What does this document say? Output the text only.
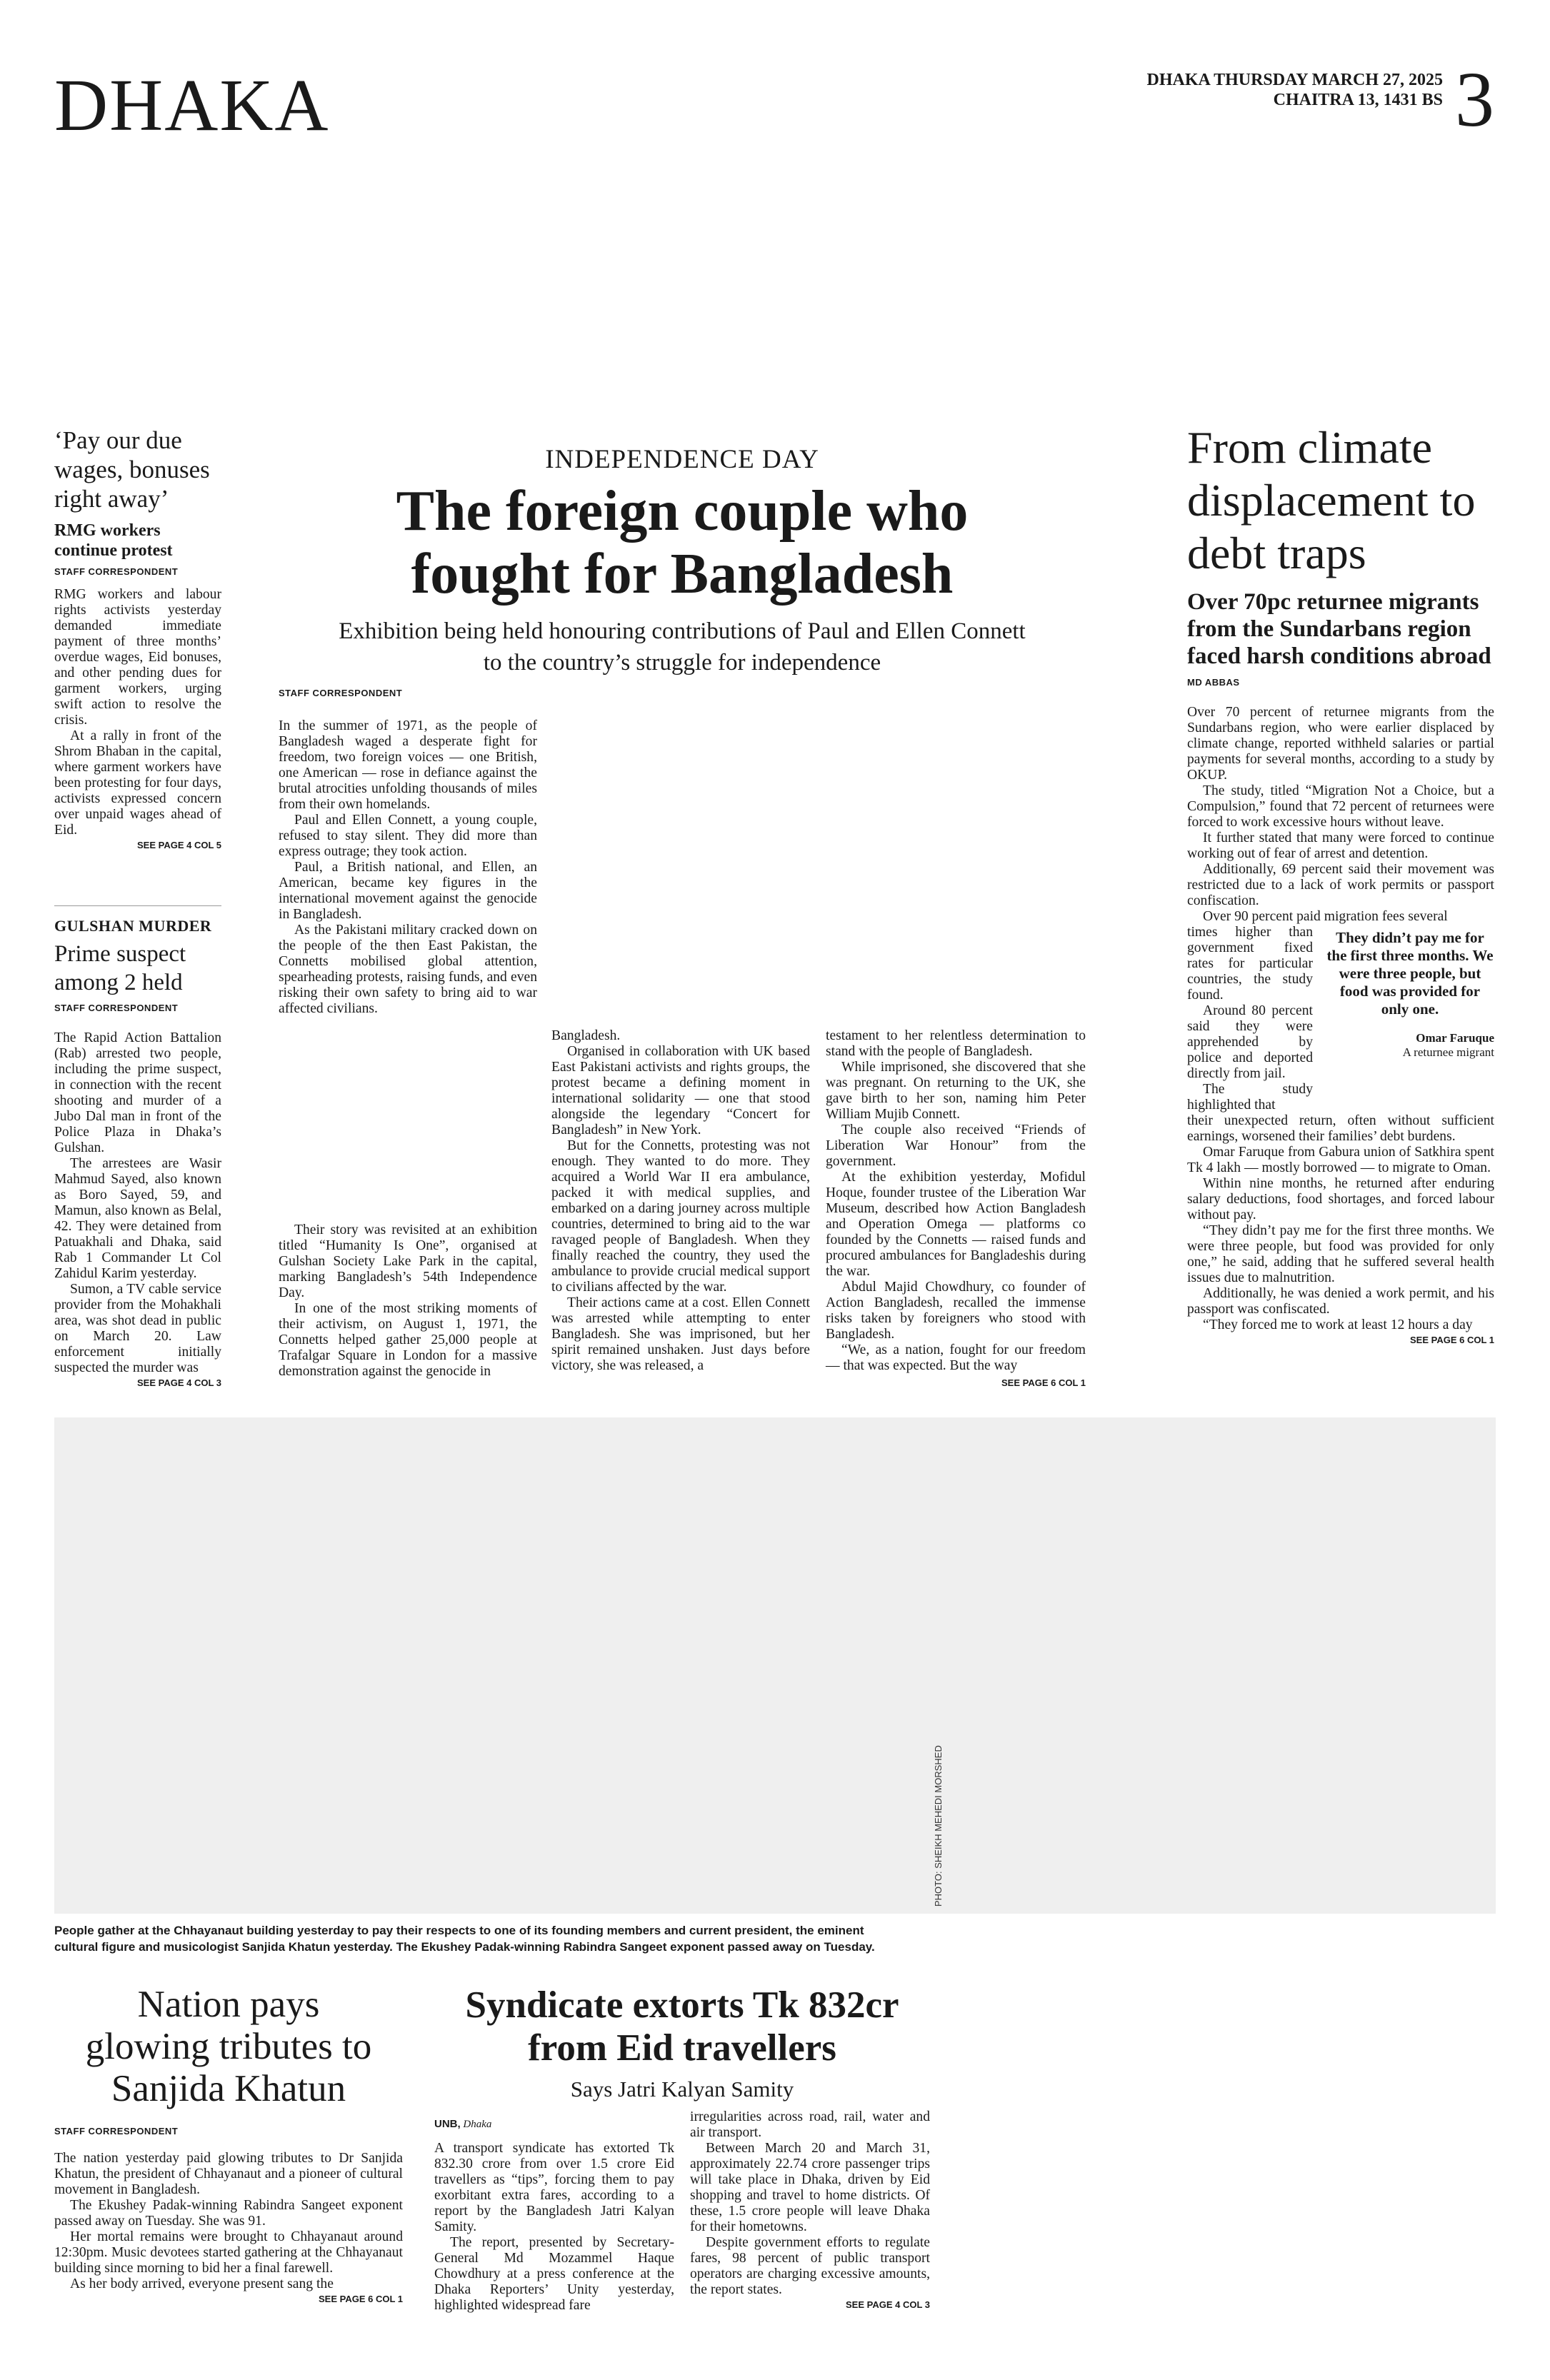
DHAKA	DHAKA THURSDAY MARCH 27, 2025
CHAITRA 13, 1431 BS 3
‘Pay our due wages, bonuses right away’
RMG workers continue protest
STAFF CORRESPONDENT

RMG workers and labour rights activists yesterday demanded immediate payment of three months’ overdue wages, Eid bonuses, and other pending dues for garment workers, urging swift action to resolve the crisis.

At a rally in front of the Shrom Bhaban in the capital, where garment workers have been protesting for four days, activists expressed concern over unpaid wages ahead of Eid.

SEE PAGE 4 COL 5
GULSHAN MURDER
Prime suspect among 2 held
STAFF CORRESPONDENT

The Rapid Action Battalion (Rab) arrested two people, including the prime suspect, in connection with the recent shooting and murder of a Jubo Dal man in front of the Police Plaza in Dhaka’s Gulshan.

The arrestees are Wasir Mahmud Sayed, also known as Boro Sayed, 59, and Mamun, also known as Belal, 42. They were detained from Patuakhali and Dhaka, said Rab 1 Commander Lt Col Zahidul Karim yesterday.

Sumon, a TV cable service provider from the Mohakhali area, was shot dead in public on March 20. Law enforcement initially suspected the murder was

SEE PAGE 4 COL 3
INDEPENDENCE DAY
The foreign couple who
fought for Bangladesh
Exhibition being held honouring contributions of Paul and Ellen Connett
to the country’s struggle for independence
STAFF CORRESPONDENT

In the summer of 1971, as the people of Bangladesh waged a desperate fight for freedom, two foreign voices — one British, one American — rose in defiance against the brutal atrocities unfolding thousands of miles from their own homelands.

Paul and Ellen Connett, a young couple, refused to stay silent. They did more than express outrage; they took action.

Paul, a British national, and Ellen, an American, became key figures in the international movement against the genocide in Bangladesh.

As the Pakistani military cracked down on the people of the then East Pakistan, the Connetts mobilised global attention, spearheading protests, raising funds, and even risking their own safety to bring aid to war affected civilians.

Their story was revisited at an exhibition titled “Humanity Is One”, organised at Gulshan Society Lake Park in the capital, marking Bangladesh’s 54th Independence Day.

In one of the most striking moments of their activism, on August 1, 1971, the Connetts helped gather 25,000 people at Trafalgar Square in London for a massive demonstration against the genocide in

Bangladesh.

Organised in collaboration with UK based East Pakistani activists and rights groups, the protest became a defining moment in international solidarity — one that stood alongside the legendary “Concert for Bangladesh” in New York.

But for the Connetts, protesting was not enough. They wanted to do more. They acquired a World War II era ambulance, packed it with medical supplies, and embarked on a daring journey across multiple countries, determined to bring aid to the war ravaged people of Bangladesh. When they finally reached the country, they used the ambulance to provide crucial medical support to civilians affected by the war.

Their actions came at a cost. Ellen Connett was arrested while attempting to enter Bangladesh. She was imprisoned, but her spirit remained unshaken. Just days before victory, she was released, a

testament to her relentless determination to stand with the people of Bangladesh.

While imprisoned, she discovered that she was pregnant. On returning to the UK, she gave birth to her son, naming him Peter William Mujib Connett.

The couple also received “Friends of Liberation War Honour” from the government.

At the exhibition yesterday, Mofidul Hoque, founder trustee of the Liberation War Museum, described how Action Bangladesh and Operation Omega — platforms co founded by the Connetts — raised funds and procured ambulances for Bangladeshis during the war.

Abdul Majid Chowdhury, co founder of Action Bangladesh, recalled the immense risks taken by foreigners who stood with Bangladesh.

“We, as a nation, fought for our freedom — that was expected. But the way

SEE PAGE 6 COL 1
From climate displacement to debt traps
Over 70pc returnee migrants from the Sundarbans region faced harsh conditions abroad
MD ABBAS

Over 70 percent of returnee migrants from the Sundarbans region, who were earlier displaced by climate change, reported withheld salaries or partial payments for several months, according to a study by OKUP.

The study, titled “Migration Not a Choice, but a Compulsion,” found that 72 percent of returnees were forced to work excessive hours without leave.

It further stated that many were forced to continue working out of fear of arrest and detention.

Additionally, 69 percent said their movement was restricted due to a lack of work permits or passport confiscation.

Over 90 percent paid migration fees several

times higher than government fixed rates for particular countries, the study found.

Around 80 percent said they were apprehended by police and deported directly from jail.

The study highlighted that

They didn’t pay me for the first three months. We were three people, but food was provided for only one.

Omar Faruque

A returnee migrant

their unexpected return, often without sufficient earnings, worsened their families’ debt burdens.

Omar Faruque from Gabura union of Satkhira spent Tk 4 lakh — mostly borrowed — to migrate to Oman.

Within nine months, he returned after enduring salary deductions, food shortages, and forced labour without pay.

“They didn’t pay me for the first three months. We were three people, but food was provided for only one,” he said, adding that he suffered several health issues due to malnutrition.

Additionally, he was denied a work permit, and his passport was confiscated.

“They forced me to work at least 12 hours a day

SEE PAGE 6 COL 1
PHOTO: SHEIKH MEHEDI MORSHED
People gather at the Chhayanaut building yesterday to pay their respects to one of its founding members and current president, the eminent
cultural figure and musicologist Sanjida Khatun yesterday. The Ekushey Padak-winning Rabindra Sangeet exponent passed away on Tuesday.
Nation pays
glowing tributes to
Sanjida Khatun
STAFF CORRESPONDENT

The nation yesterday paid glowing tributes to Dr Sanjida Khatun, the president of Chhayanaut and a pioneer of cultural movement in Bangladesh.

The Ekushey Padak-winning Rabindra Sangeet exponent passed away on Tuesday. She was 91.

Her mortal remains were brought to Chhayanaut around 12:30pm. Music devotees started gathering at the Chhayanaut building since morning to bid her a final farewell.

As her body arrived, everyone present sang the

SEE PAGE 6 COL 1
Syndicate extorts Tk 832cr
from Eid travellers
Says Jatri Kalyan Samity
UNB, Dhaka

A transport syndicate has extorted Tk 832.30 crore from over 1.5 crore Eid travellers as “tips”, forcing them to pay exorbitant extra fares, according to a report by the Bangladesh Jatri Kalyan Samity.

The report, presented by Secretary-General Md Mozammel Haque Chowdhury at a press conference at the Dhaka Reporters’ Unity yesterday, highlighted widespread fare

irregularities across road, rail, water and air transport.

Between March 20 and March 31, approximately 22.74 crore passenger trips will take place in Dhaka, driven by Eid shopping and travel to home districts. Of these, 1.5 crore people will leave Dhaka for their hometowns.

Despite government efforts to regulate fares, 98 percent of public transport operators are charging excessive amounts, the report states.

SEE PAGE 4 COL 3
